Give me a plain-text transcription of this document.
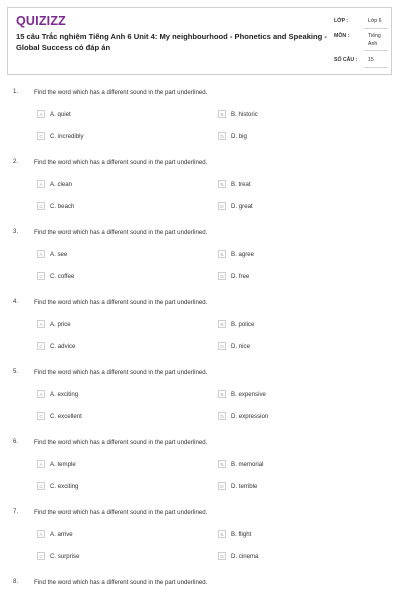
QUIZIZZ
15 câu Trắc nghiệm Tiếng Anh 6 Unit 4: My neighbourhood - Phonetics and Speaking - Global Success có đáp án
LỚP :	Lớp 6
MÔN :	Tiếng
Anh
SỐ CÂU : 15
1.	Find the word which has a different sound in the part underlined.
A	A. quiet	B	B. historic
C	C. incredibly	D	D. big
2.	Find the word which has a different sound in the part underlined.
A	A. clean	B	B. treat
C	C. beach	D	D. great
3.	Find the word which has a different sound in the part underlined.
A	A. see	B	B. agree
C	C. coffee	D	D. free
4.	Find the word which has a different sound in the part underlined.
A	A. price	B	B. police
C	C. advice	D	D. nice
5.	Find the word which has a different sound in the part underlined.
A	A. exciting	B	B. expensive
C	C. excellent	D	D. expression
6.	Find the word which has a different sound in the part underlined.
A	A. temple	B	B. memorial
C	C. exciting	D	D. terrible
7.	Find the word which has a different sound in the part underlined.
A	A. arrive	B	B. flight
C	C. surprise	D	D. cinema
8.	Find the word which has a different sound in the part underlined.
